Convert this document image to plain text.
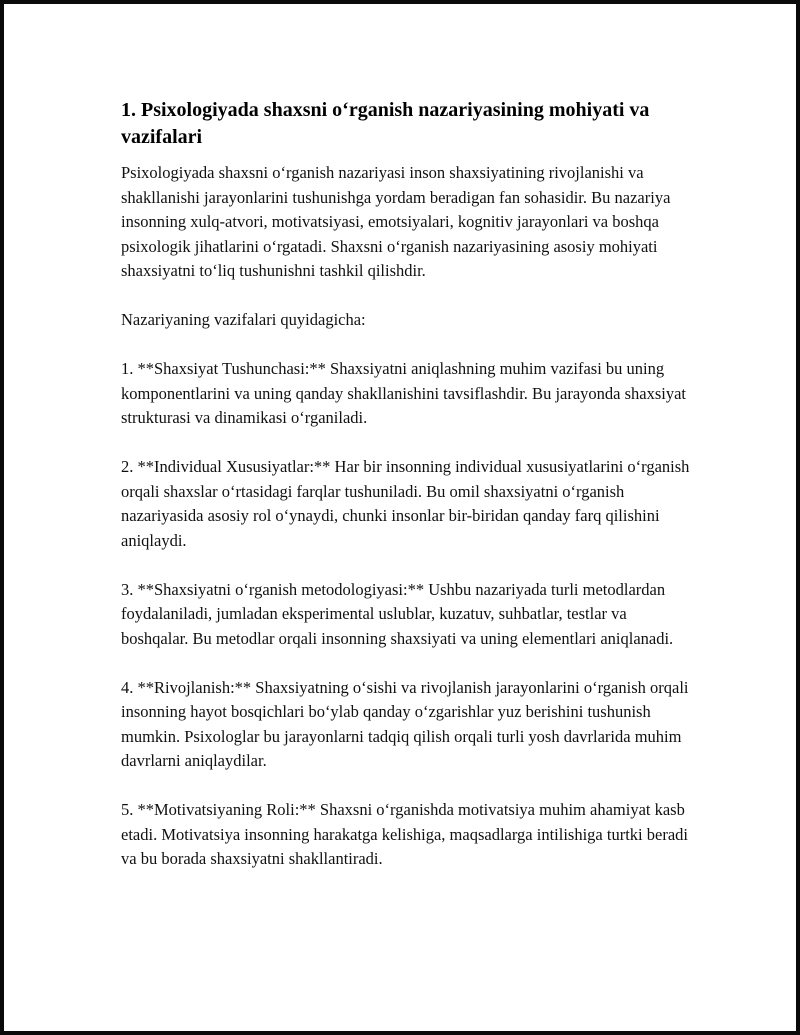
1. Psixologiyada shaxsni oʻrganish nazariyasining mohiyati va vazifalari

Psixologiyada shaxsni oʻrganish nazariyasi inson shaxsiyatining rivojlanishi va shakllanishi jarayonlarini tushunishga yordam beradigan fan sohasidir. Bu nazariya insonning xulq-atvori, motivatsiyasi, emotsiyalari, kognitiv jarayonlari va boshqa psixologik jihatlarini oʻrgatadi. Shaxsni oʻrganish nazariyasining asosiy mohiyati shaxsiyatni toʻliq tushunishni tashkil qilishdir.

Nazariyaning vazifalari quyidagicha:

1. **Shaxsiyat Tushunchasi:** Shaxsiyatni aniqlashning muhim vazifasi bu uning komponentlarini va uning qanday shakllanishini tavsiflashdir. Bu jarayonda shaxsiyat strukturasi va dinamikasi oʻrganiladi.

2. **Individual Xususiyatlar:** Har bir insonning individual xususiyatlarini oʻrganish orqali shaxslar oʻrtasidagi farqlar tushuniladi. Bu omil shaxsiyatni oʻrganish nazariyasida asosiy rol oʻynaydi, chunki insonlar bir-biridan qanday farq qilishini aniqlaydi.

3. **Shaxsiyatni oʻrganish metodologiyasi:** Ushbu nazariyada turli metodlardan foydalaniladi, jumladan eksperimental uslublar, kuzatuv, suhbatlar, testlar va boshqalar. Bu metodlar orqali insonning shaxsiyati va uning elementlari aniqlanadi.

4. **Rivojlanish:** Shaxsiyatning oʻsishi va rivojlanish jarayonlarini oʻrganish orqali insonning hayot bosqichlari boʻylab qanday oʻzgarishlar yuz berishini tushunish mumkin. Psixologlar bu jarayonlarni tadqiq qilish orqali turli yosh davrlarida muhim davrlarni aniqlaydilar.

5. **Motivatsiyaning Roli:** Shaxsni oʻrganishda motivatsiya muhim ahamiyat kasb etadi. Motivatsiya insonning harakatga kelishiga, maqsadlarga intilishiga turtki beradi va bu borada shaxsiyatni shakllantiradi.
